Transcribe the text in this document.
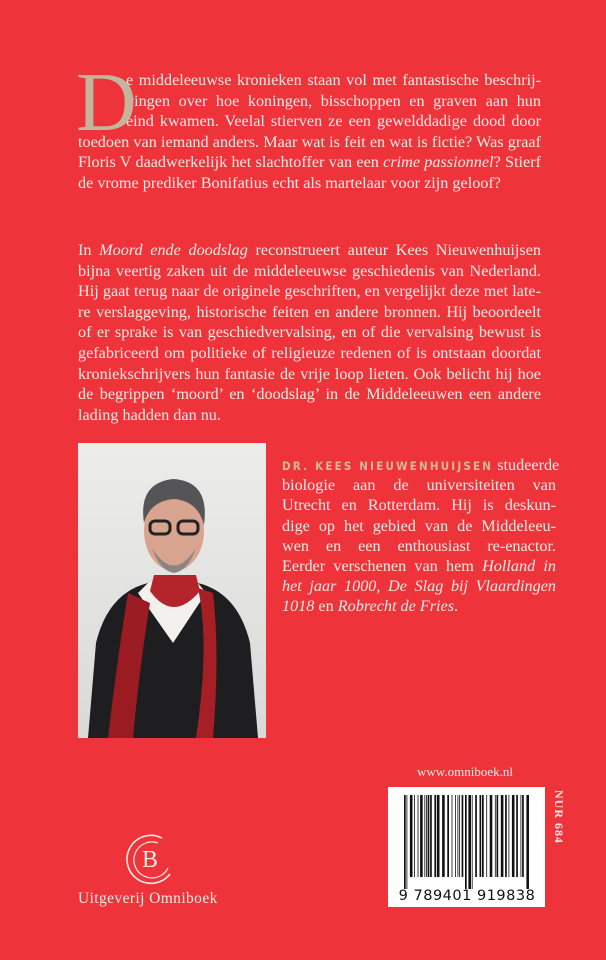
D
e middeleeuwse kronieken staan vol met fantastische beschrij-
vingen over hoe koningen, bisschoppen en graven aan hun
eind kwamen. Veelal stierven ze een gewelddadige dood door
toedoen van iemand anders. Maar wat is feit en wat is fictie? Was graaf
Floris V daadwerkelijk het slachtoffer van een crime passionnel? Stierf
de vrome prediker Bonifatius echt als martelaar voor zijn geloof?
In Moord ende doodslag reconstrueert auteur Kees Nieuwenhuijsen
bijna veertig zaken uit de middeleeuwse geschiedenis van Nederland.
Hij gaat terug naar de originele geschriften, en vergelijkt deze met late-
re verslaggeving, historische feiten en andere bronnen. Hij beoordeelt
of er sprake is van geschiedvervalsing, en of die vervalsing bewust is
gefabriceerd om politieke of religieuze redenen of is ontstaan doordat
kroniekschrijvers hun fantasie de vrije loop lieten. Ook belicht hij hoe
de begrippen ‘moord’ en ‘doodslag’ in de Middeleeuwen een andere
lading hadden dan nu.
DR. KEES NIEUWENHUIJSEN studeerde
biologie aan de universiteiten van
Utrecht en Rotterdam. Hij is deskun-
dige op het gebied van de Middeleeu-
wen en een enthousiast re-enactor.
Eerder verschenen van hem Holland in
het jaar 1000, De Slag bij Vlaardingen
1018 en Robrecht de Fries.
www.omniboek.nl
9 789401 919838
NUR 684
B
Uitgeverij Omniboek
